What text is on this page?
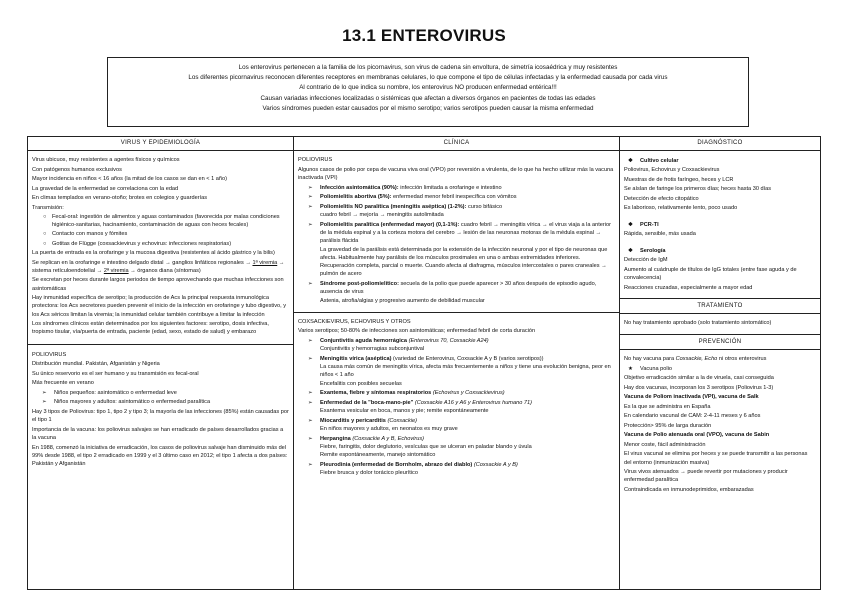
13.1 ENTEROVIRUS
Los enterovirus pertenecen a la familia de los picornavirus, son virus de cadena sin envoltura, de simetría icosaédrica y muy resistentes
Los diferentes picornavirus reconocen diferentes receptores en membranas celulares, lo que compone el tipo de células infectadas y la enfermedad causada por cada virus
Al contrario de lo que indica su nombre, los enterovirus NO producen enfermedad entérica!!!
Causan variadas infecciones localizadas o sistémicas que afectan a diversos órganos en pacientes de todas las edades
Varios síndromes pueden estar causados por el mismo serotipo; varios serotipos pueden causar la misma enfermedad
VIRUS Y EPIDEMIOLOGÍA
Virus ubicuos, muy resistentes a agentes físicos y químicos
Con patógenos humanos exclusivos
Mayor incidencia en niños < 16 años (la mitad de los casos se dan en < 1 año)
La gravedad de la enfermedad se correlaciona con la edad
En climas templados en verano-otoño; brotes en colegios y guarderías
Transmisión:
○ Fecal-oral: ingestión de alimentos y aguas contaminados (favorecida por malas condiciones higiénico-sanitarias, hacinamiento, contaminación de aguas con heces fecales)
○ Contacto con manos y fómites
○ Gotitas de Flügge (coxsackievirus y echovirus: infecciones respiratorias)
La puerta de entrada es la orofaringe y la mucosa digestiva (resistentes al ácido gástrico y la bilis)
Se replican en la orofaringe e intestino delgado distal → ganglios linfáticos regionales → 1ª viremia → sistema retículoendotelial → 2ª viremia → órganos diana (síntomas)
Se excretan por heces durante largos periodos de tiempo aprovechando que muchas infecciones son asintomáticas
Hay inmunidad específica de serotipo; la producción de Acs la principal respuesta inmunológica protectora: los Acs secretores pueden prevenir el inicio de la infección en orofaringe y tubo digestivo, y los Acs séricos limitan la viremia; la inmunidad celular también contribuye a limitar la infección
Los síndromes clínicos están determinados por los siguientes factores: serotipo, dosis infectiva, tropismo tisular, vía/puerta de entrada, paciente (edad, sexo, estado de salud) y embarazo
POLIOVIRUS
Distribución mundial. Pakistán, Afganistán y Nigeria
Su único reservorio es el ser humano y su transmisión es fecal-oral
Más frecuente en verano
➢ Niños pequeños: asintomático o enfermedad leve
➢ Niños mayores y adultos: asintomático o enfermedad paralítica
Hay 3 tipos de Poliovirus: tipo 1, tipo 2 y tipo 3; la mayoría de las infecciones (85%) están causadas por el tipo 1
Importancia de la vacuna: los poliovirus salvajes se han erradicado de países desarrollados gracias a la vacuna
En 1988, comenzó la iniciativa de erradicación, los casos de poliovirus salvaje han disminuido más del 99% desde 1988, el tipo 2 erradicado en 1999 y el 3 último caso en 2012; el tipo 1 afecta a dos países: Pakistán y Afganistán
CLÍNICA
POLIOVIRUS
Algunos casos de polio por cepa de vacuna viva oral (VPO) por reversión a virulenta, de lo que ha hecho utilizar más la vacuna inactivada (VPI)
➢ Infección asintomática (90%): infección limitada a orofaringe e intestino
➢ Poliomielitis abortiva (5%): enfermedad menor febril inespecífica con vómitos
➢ Poliomielitis NO paralítica (meningitis aséptica) (1-2%): curso bifásico
cuadro febril → mejoría → meningitis autolimitada
➢ Poliomielitis paralítica (enfermedad mayor) (0,1-1%): cuadro febril → meningitis vírica → el virus viaja a la anterior de la médula espinal y a la corteza motora del cerebro → lesión de las neuronas motoras de la médula espinal → parálisis flácida
La gravedad de la parálisis está determinada por la extensión de la infección neuronal y por el tipo de neuronas que afecta. Habitualmente hay parálisis de los músculos proximales en una o ambas extremidades inferiores. Recuperación completa, parcial o muerte. Cuando afecta al diafragma, músculos intercostales o pares craneales → pulmón de acero
➢ Síndrome post-poliomielítico: secuela de la polio que puede aparecer > 30 años después de episodio agudo, ausencia de virus
Astenia, atrofia/algias y progresivo aumento de debilidad muscular
COXSACKIEVIRUS, ECHOVIRUS Y OTROS
Varios serotipos; 50-80% de infecciones son asintomáticas; enfermedad febril de corta duración
➢ Conjuntivitis aguda hemorrágica (Enterovirus 70, Coxsackie A24)
Conjuntivitis y hemorragias subconjuntival
➢ Meningitis vírica (aséptica) (variedad de Enterovirus, Coxsackie A y B (varios serotipos))
La causa más común de meningitis vírica, afecta más frecuentemente a niños y tiene una evolución benigna, peor en niños < 1 año
Encefalitis con posibles secuelas
➢ Exantema, fiebre y síntomas respiratorios (Echovirus y Coxsackievirus)
➢ Enfermedad de la "boca-mano-pie" (Coxsackie A16 y A6 y Enterovirus humano 71)
Exantema vesicular en boca, manos y pie; remite espontáneamente
➢ Miocarditis y pericarditis (Coxsackie)
En niños mayores y adultos, en neonatos es muy grave
➢ Herpangina (Coxsackie A y B, Echovirus)
Fiebre, faringitis, dolor deglutorio, vesículas que se ulceran en paladar blando y úvula
Remite espontáneamente, manejo sintomático
➢ Pleurodinia (enfermedad de Bornholm, abrazo del diablo) (Coxsackie A y B)
Fiebre brusca y dolor torácico pleurítico
DIAGNÓSTICO
❖ Cultivo celular
Poliovirus, Echovirus y Coxsackievirus
Muestras de de frotis faríngeo, heces y LCR
Se aíslan de faringe los primeros días; heces hasta 30 días
Detección de efecto citopático
Es laborioso, relativamente lento, poco usado
❖ PCR-TI
Rápida, sensible, más usada
❖ Serología
Detección de IgM
Aumento al cuádruple de títulos de IgG totales (entre fase aguda y de convalecencia)
Reacciones cruzadas, especialmente a mayor edad
TRATAMIENTO
No hay tratamiento aprobado (solo tratamiento sintomático)
PREVENCIÓN
No hay vacuna para Coxsackie, Echo ni otros enterovirus
★ Vacuna polio
Objetivo erradicación similar a la de viruela, casi conseguida
Hay dos vacunas, incorporan los 3 serotipos (Poliovirus 1-3)
Vacuna de Poliom inactivada (VPI), vacuna de Salk
Es la que se administra en España
En calendario vacunal de CAM: 2-4-11 meses y 6 años
Protección> 95% de larga duración
Vacuna de Polio atenuada oral (VPO), vacuna de Sabin
Menor coste, fácil administración
El virus vacunal se elimina por heces y se puede transmitir a las personas del entorno (inmunización masiva)
Virus vivos atenuados → puede revertir por mutaciones y producir enfermedad paralítica
Contraindicada en inmunodeprimidos, embarazadas
